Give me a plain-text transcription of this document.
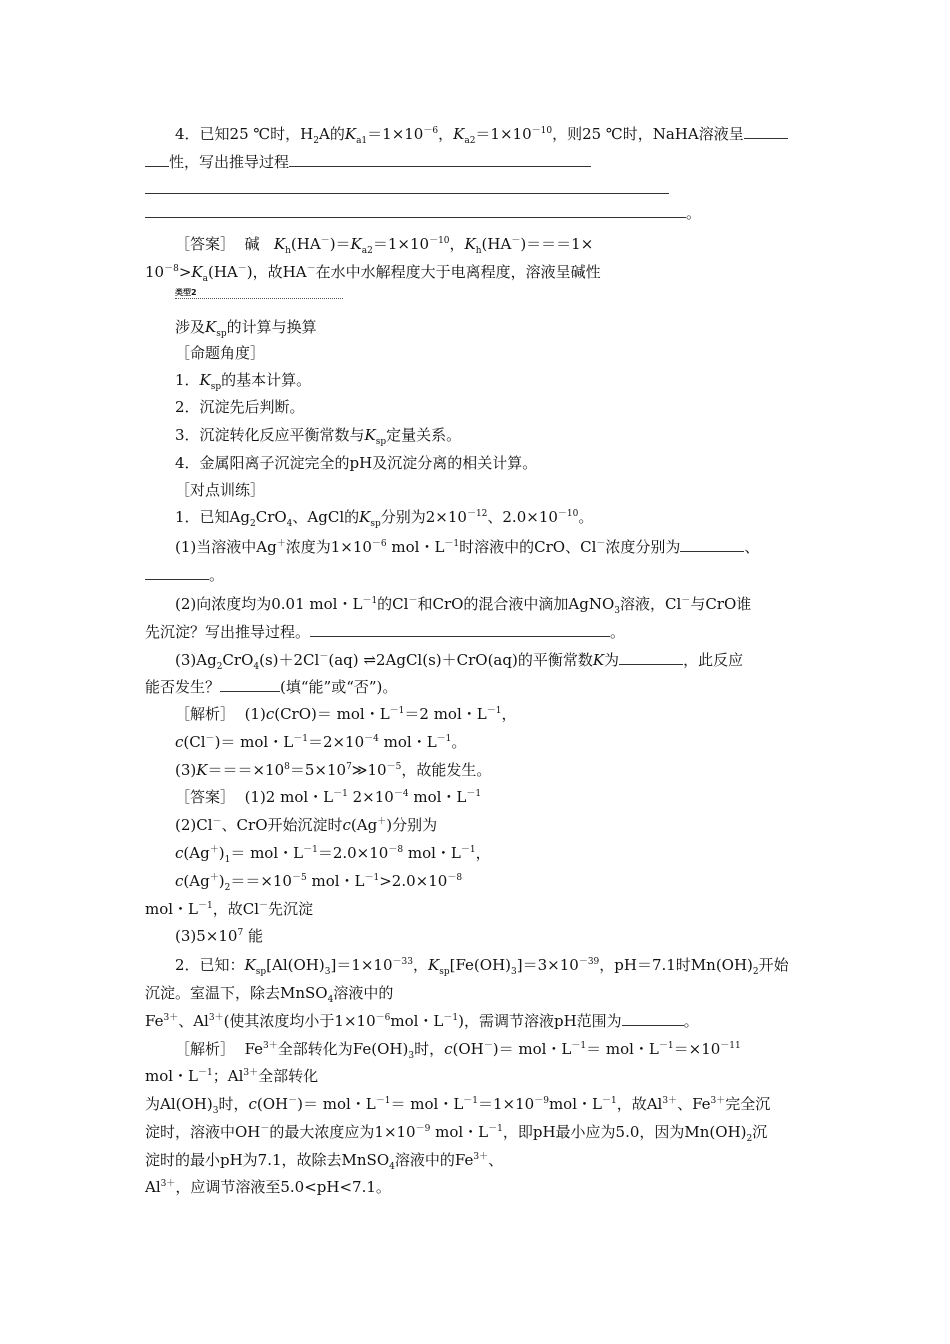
4．已知25 ℃时，$H_2A$的$K_{a1}=1\times 10^{-6}$，$K_{a2}=1\times 10^{-10}$，则25 ℃时，NaHA溶液呈
性，写出推导过程
。
［答案］ 碱 $K_h(HA^-)=K_{a2}=1\times 10^{-10}$，$K_h(HA^-)===1\times$
$10^{-8}>K_a(HA^-)$，故HA－在水中水解程度大于电离程度，溶液呈碱性
类型2
涉及$K_{sp}$的计算与换算
［命题角度］
1．$K_{sp}$的基本计算。
2．沉淀先后判断。
3．沉淀转化反应平衡常数与$K_{sp}$定量关系。
4．金属阳离子沉淀完全的pH及沉淀分离的相关计算。
［对点训练］
1．已知$Ag_2CrO_4$、AgCl的$K_{sp}$分别为$2\times 10^{-12}$、$2.0\times 10^{-10}$。
(1)当溶液中Ag＋浓度为$1\times 10^{-6}$ mol・$L^{-1}$时溶液中的CrO、Cl－浓度分别为	、
。
(2)向浓度均为0.01 mol・$L^{-1}$的Cl－和CrO的混合液中滴加AgNO$_3$溶液，Cl－与CrO谁
先沉淀？写出推导过程。	。
$(3)Ag_2CrO_4(s)+2Cl^-(aq)$ ⇌2AgCl(s)＋CrO(aq)的平衡常数K为	，此反应
能否发生？	(填“能”或“否”)。
［解析］ (1)c(CrO)＝ mol・$L^{-1}=2$ mol・$L^{-1}$，
c(Cl－)＝ mol・$L^{-1}=2\times 10^{-4}$ mol・$L^{-1}$。
$(3)K===\times 10^8=5\times 10^7≫10^{-5}$，故能发生。
［答案］ (1)2 mol・$L^{-1}$ $2\times 10^{-4}$ mol・$L^{-1}$
(2)Cl－、CrO开始沉淀时c(Ag＋)分别为
$c(Ag^+)_1=$ mol・$L^{-1}=2.0\times 10^{-8}$ mol・$L^{-1}$，
$c(Ag^+)_2==\times 10^{-5}$ mol・$L^{-1}>2.0\times 10^{-8}$
mol・$L^{-1}$，故Cl－先沉淀
$(3)5\times 10^7$ 能
2．已知：$K_{sp}[Al(OH)_3]=1\times 10^{-33}$，$K_{sp}[Fe(OH)_3]=3\times 10^{-39}$，pH＝7.1时$Mn(OH)_2$开始
沉淀。室温下，除去MnSO$_4$溶液中的
$Fe^{3+}$、$Al^{3+}$(使其浓度均小于$1\times 10^{-6}mol$・$L^{-1}$)，需调节溶液pH范围为	。
［解析］ $Fe^{3+}$全部转化为$Fe(OH)_3$时，c(OH－)＝ mol・$L^{-1}=$ mol・$L^{-1}=\times 10^{-11}$
mol・$L^{-1}$；$Al^{3+}$全部转化
为$Al(OH)_3$时，c(OH－)＝ mol・$L^{-1}=$ mol・$L^{-1}=1\times 10^{-9}mol$・$L^{-1}$，故$Al^{3+}$、$Fe^{3+}$完全沉
淀时，溶液中OH－的最大浓度应为$1\times 10^{-9}$ mol・$L^{-1}$，即pH最小应为5.0，因为$Mn(OH)_2$沉
淀时的最小pH为7.1，故除去MnSO$_4$溶液中的$Fe^{3+}$、
$Al^{3+}$，应调节溶液至5.0<pH<7.1。
